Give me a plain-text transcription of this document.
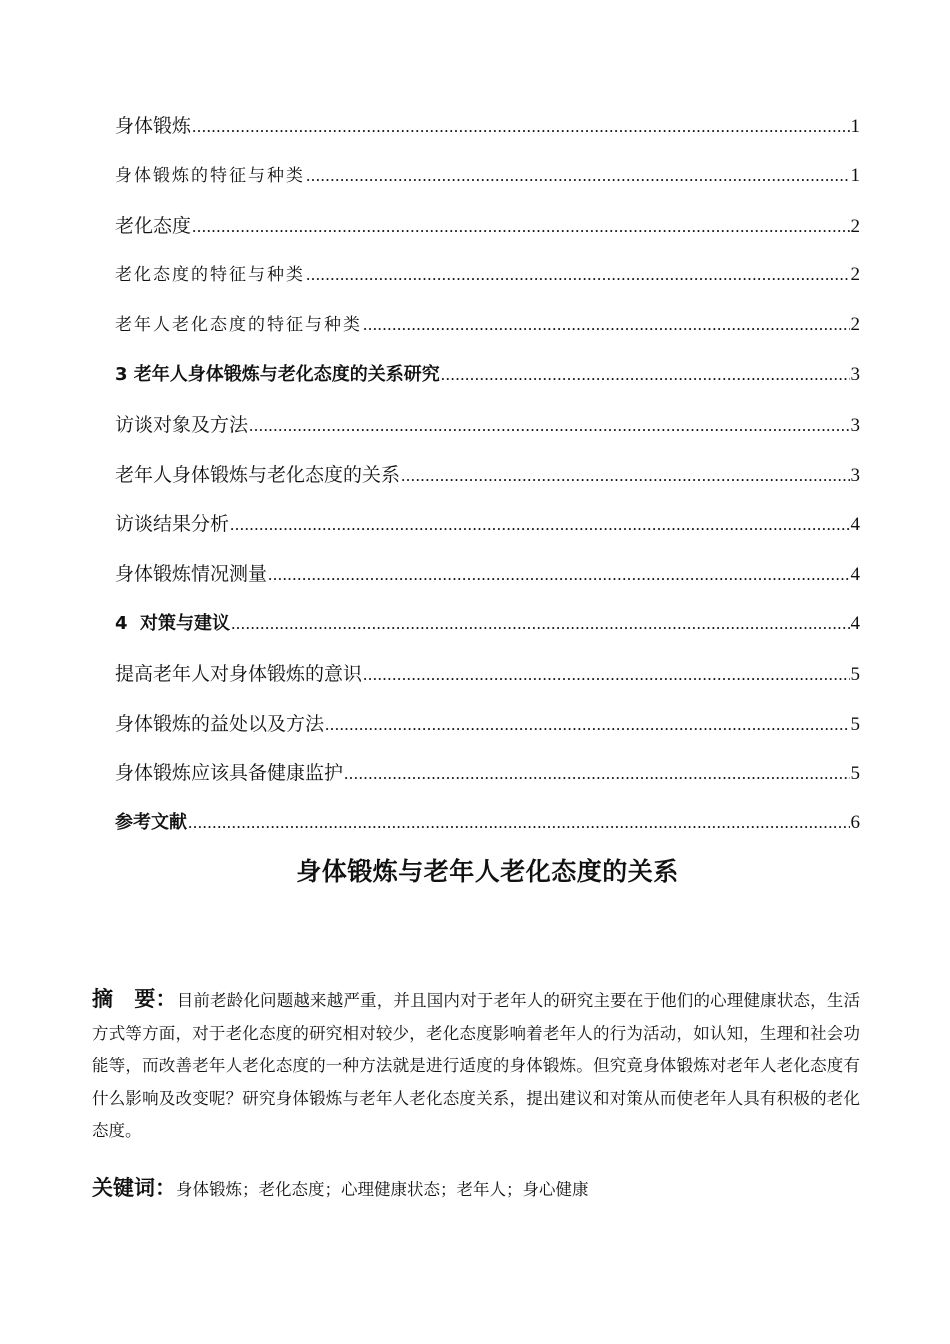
身体锻炼 .....	1
身体锻炼的特征与种类 .....	1
老化态度 .....	2
老化态度的特征与种类 .....	2
老年人老化态度的特征与种类 .....	2
3 老年人身体锻炼与老化态度的关系研究 .....	3
访谈对象及方法 .....	3
老年人身体锻炼与老化态度的关系 .....	3
访谈结果分析 .....	4
身体锻炼情况测量 .....	4
4  对策与建议 .....	4
提高老年人对身体锻炼的意识 .....	5
身体锻炼的益处以及方法 .....	5
身体锻炼应该具备健康监护 .....	5
参考文献 .....	6
身体锻炼与老年人老化态度的关系

摘　要：目前老龄化问题越来越严重，并且国内对于老年人的研究主要在于他们的心理健康状态，生活方式等方面，对于老化态度的研究相对较少，老化态度影响着老年人的行为活动，如认知，生理和社会功能等，而改善老年人老化态度的一种方法就是进行适度的身体锻炼。但究竟身体锻炼对老年人老化态度有什么影响及改变呢？研究身体锻炼与老年人老化态度关系，提出建议和对策从而使老年人具有积极的老化态度。

关键词：身体锻炼；老化态度；心理健康状态；老年人；身心健康
